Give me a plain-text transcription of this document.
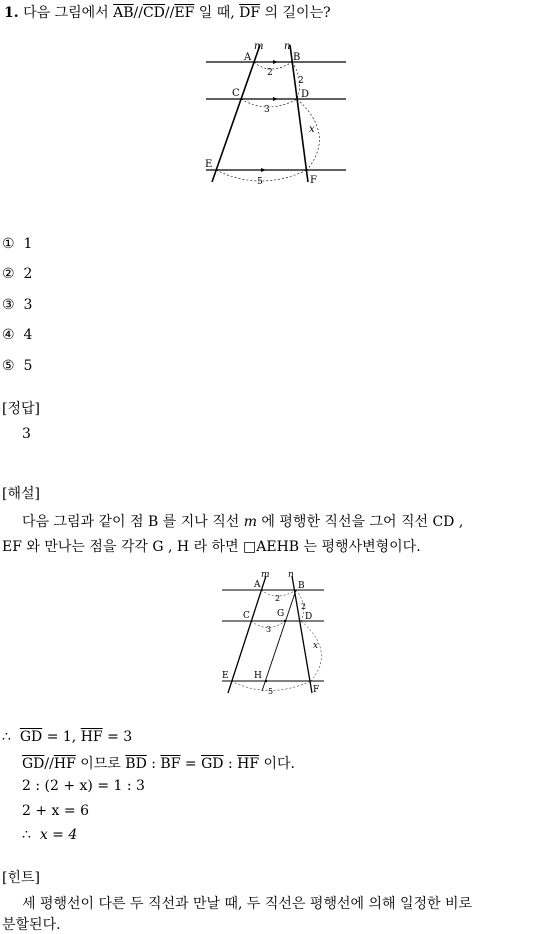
1. 다음 그림에서 $\overline{AB}//\overline{CD}//\overline{EF}$ 일 때, $\overline{DF}$ 의 길이는?
m n
A	B
C	D
E
F
x
2
2
3
5
① 1
② 2
③ 3
④ 4
⑤ 5
[정답]
3
[해설]
다음 그림과 같이 점 B 를 지나 직선 m 에 평행한 직선을 그어 직선 CD ,
EF 와 만나는 점을 각각 G , H 라 하면 □AEHB 는 평행사변형이다.
m n
A	B
C	G D
E	H
F
x
2
2
3
5
∴ $\overline{GD} = 1$, $\overline{HF} = 3$
$\overline{GD}//\overline{HF}$ 이므로 $\overline{BD}$ : $\overline{BF} = \overline{GD}$ : $\overline{HF}$ 이다.
2 : (2 + x) = 1 : 3
2 + x = 6
∴ x = 4
[힌트]
세 평행선이 다른 두 직선과 만날 때, 두 직선은 평행선에 의해 일정한 비로
분할된다.
